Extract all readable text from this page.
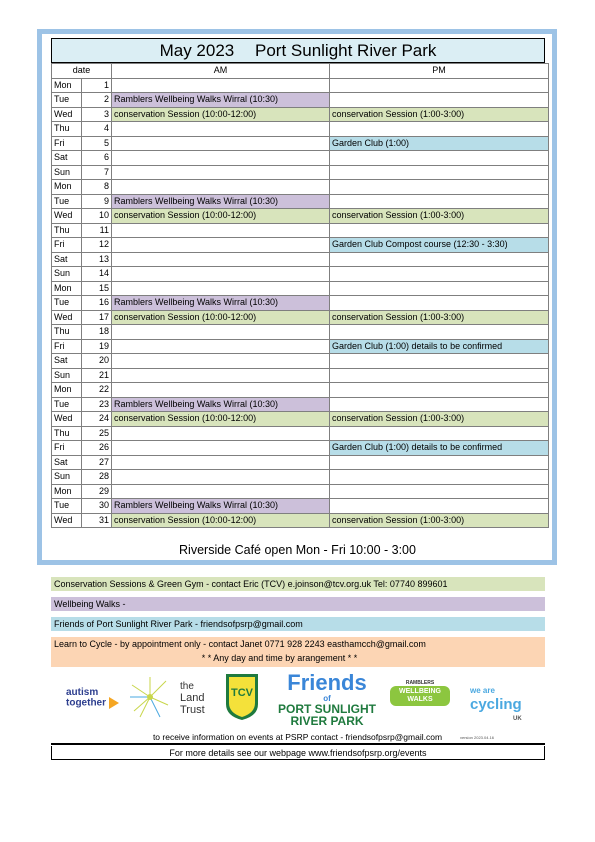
May 2023 Port Sunlight River Park
date		AM	PM
Mon	1		
Tue	2	Ramblers Wellbeing Walks Wirral (10:30)	
Wed	3	conservation Session (10:00-12:00)	conservation Session (1:00-3:00)
Thu	4		
Fri	5		Garden Club (1:00)
Sat	6		
Sun	7		
Mon	8		
Tue	9	Ramblers Wellbeing Walks Wirral (10:30)	
Wed	10	conservation Session (10:00-12:00)	conservation Session (1:00-3:00)
Thu	11		
Fri	12		Garden Club Compost course (12:30 - 3:30)
Sat	13		
Sun	14		
Mon	15		
Tue	16	Ramblers Wellbeing Walks Wirral (10:30)	
Wed	17	conservation Session (10:00-12:00)	conservation Session (1:00-3:00)
Thu	18		
Fri	19		Garden Club (1:00) details to be confirmed
Sat	20		
Sun	21		
Mon	22		
Tue	23	Ramblers Wellbeing Walks Wirral (10:30)	
Wed	24	conservation Session (10:00-12:00)	conservation Session (1:00-3:00)
Thu	25		
Fri	26		Garden Club (1:00) details to be confirmed
Sat	27		
Sun	28		
Mon	29		
Tue	30	Ramblers Wellbeing Walks Wirral (10:30)	
Wed	31	conservation Session (10:00-12:00)	conservation Session (1:00-3:00)
Riverside Café open Mon - Fri 10:00 - 3:00
Conservation Sessions & Green Gym - contact Eric (TCV) e.joinson@tcv.org.uk Tel: 07740 899601
Wellbeing Walks -
Friends of Port Sunlight River Park - friendsofpsrp@gmail.com
Learn to Cycle - by appointment only - contact Janet 0771 928 2243 easthamcch@gmail.com
* * Any day and time by arangement * *
autism
together
the
Land
Trust
TCV	Friends
of
PORT SUNLIGHT
RIVER PARK
RAMBLERS
WELLBEING
WALKS
we are
cycling
UK
to receive information on events at PSRP contact - friendsofpsrp@gmail.com	version 2023.04.16
For more details see our webpage www.friendsofpsrp.org/events
